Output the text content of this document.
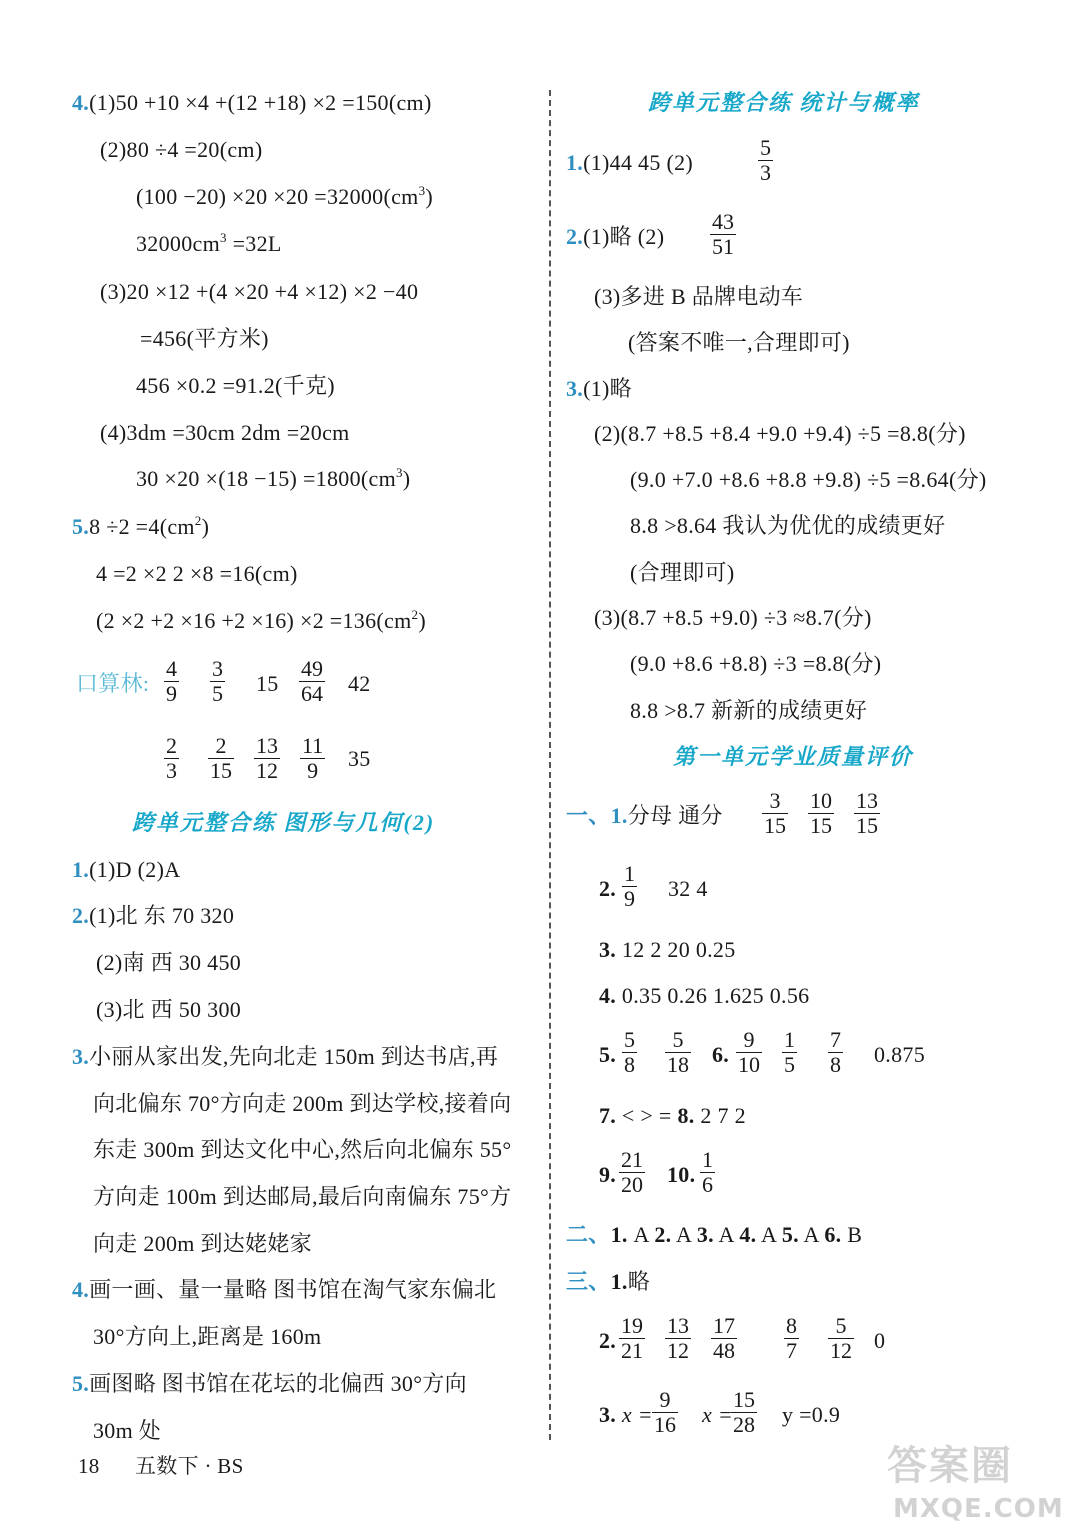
4.(1)50 +10 ×4 +(12 +18) ×2 =150(cm)
(2)80 ÷4 =20(cm)
$(100 -20) \times 20 \times 20 =32000(cm^3)$
$32000cm^3 =32L$
(3)20 ×12 +(4 ×20 +4 ×12) ×2 −40
=456(平方米)
456 ×0.2 =91.2(千克)
(4)3dm =30cm 2dm =20cm
$30 \times 20 \times(18 -15) =1800(cm^3)$
$5.8 \div 2 =4(cm^2)$
4 =2 ×2 2 ×8 =16(cm)
$(2 \times 2 +2 \times 16 +2 \times 16) \times 2 =136(cm^2)$
口算林:
4
9
3
5 15
49
64 42
2
3
2
15
13
12
11
9	35
跨单元整合练 图形与几何(2)
1.(1)D (2)A
2.(1)北 东 70 320
(2)南 西 30 450
(3)北 西 50 300
3.小丽从家出发,先向北走 150m 到达书店,再
向北偏东 70°方向走 200m 到达学校,接着向
东走 300m 到达文化中心,然后向北偏东 55°
方向走 100m 到达邮局,最后向南偏东 75°方
向走 200m 到达姥姥家
4.画一画、量一量略 图书馆在淘气家东偏北
30°方向上,距离是 160m
5.画图略 图书馆在花坛的北偏西 30°方向
30m 处
跨单元整合练 统计与概率
1.(1)44 45 (2)
5
3
2.(1)略 (2)
43
51
(3)多进 B 品牌电动车
(答案不唯一,合理即可)
3.(1)略
(2)(8.7 +8.5 +8.4 +9.0 +9.4) ÷5 =8.8(分)
(9.0 +7.0 +8.6 +8.8 +9.8) ÷5 =8.64(分)
8.8 >8.64 我认为优优的成绩更好
(合理即可)
(3)(8.7 +8.5 +9.0) ÷3 ≈8.7(分)
(9.0 +8.6 +8.8) ÷3 =8.8(分)
8.8 >8.7 新新的成绩更好
第一单元学业质量评价
一、1.分母 通分
3
15
10
15
13
15
2.
1
9 32 4
3. 12 2 20 0.25
4. 0.35 0.26 1.625 0.56
5.
5
8
5
18 6.
9
10
1
5
7
8 0.875
7. < > = 8. 2 7 2
9.
21
20 10.
1
6
二、1. A 2. A 3. A 4. A 5. A 6. B
三、1.略
2.
19
21
13
12
17
48
8
7
5
12 0
3. x =
9
16 x =
15
28 y =0.9
18 五数下 · BS	答案圈
MXQE.COM
